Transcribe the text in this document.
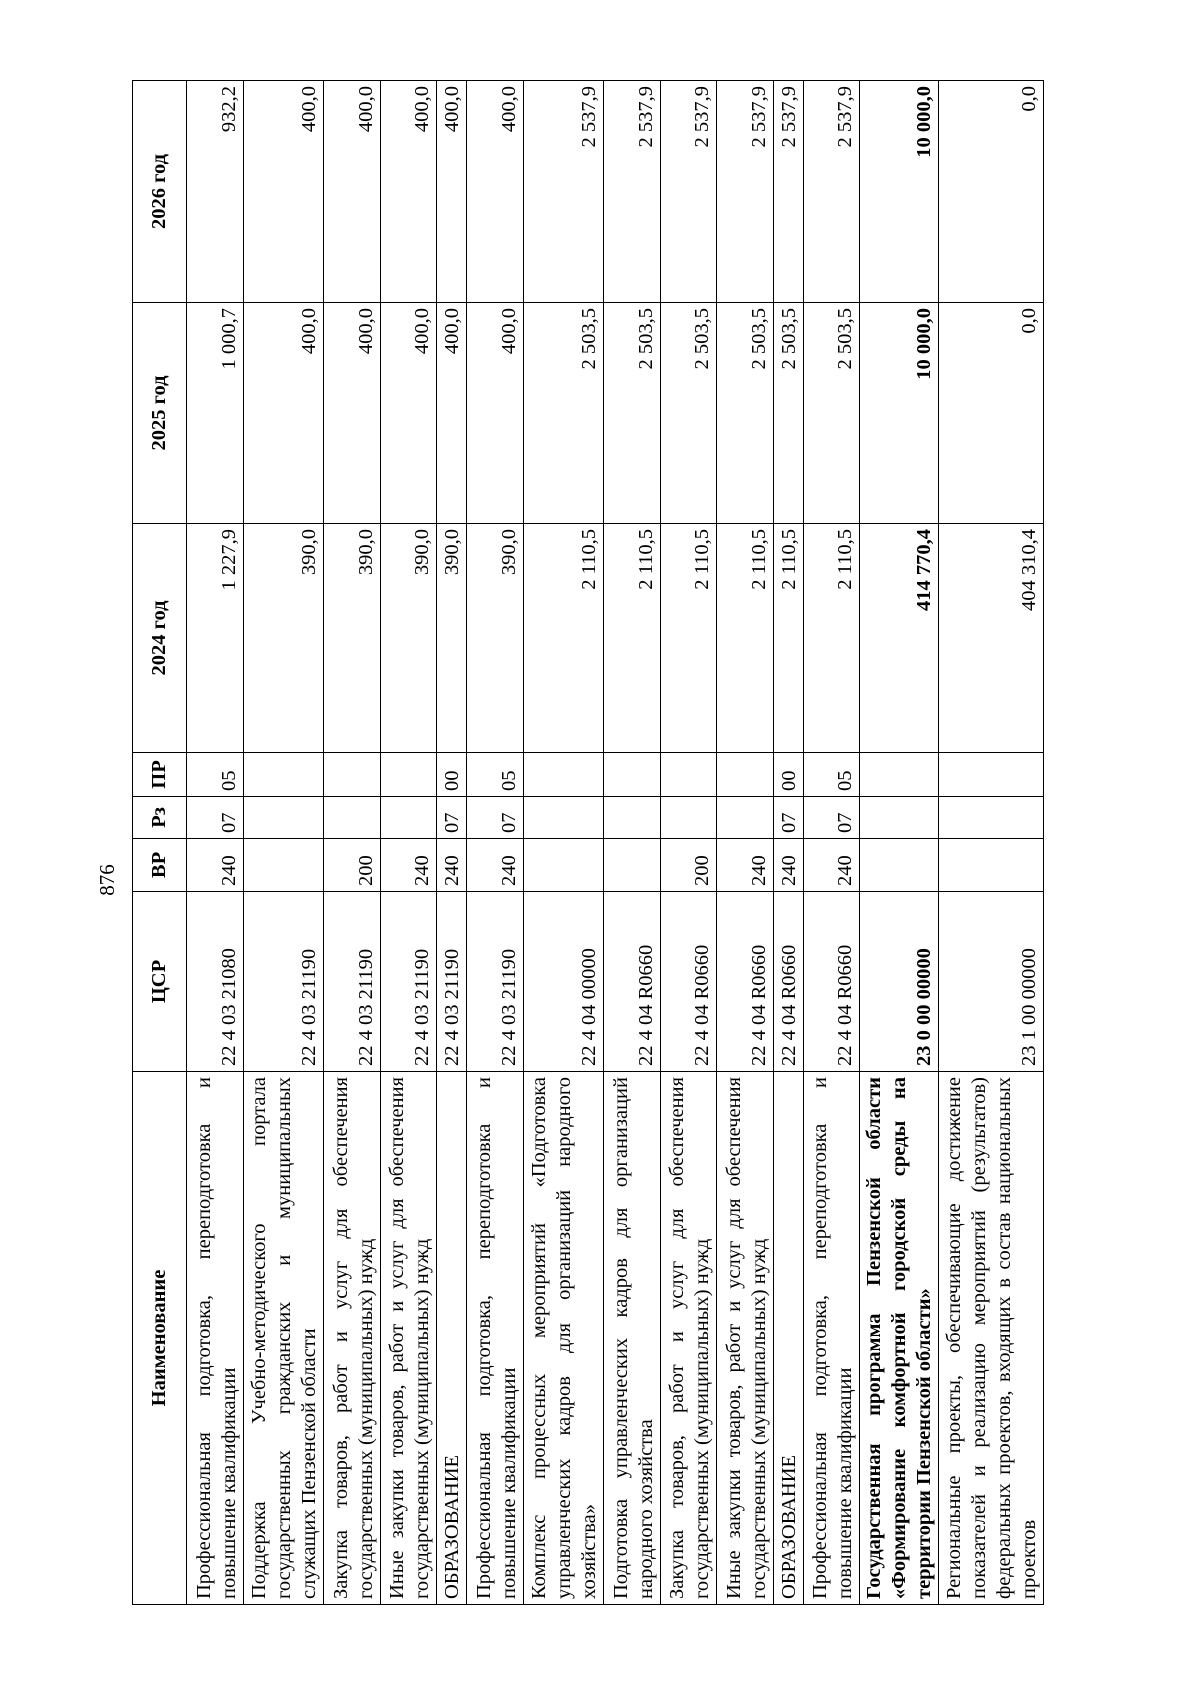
876
Наименование	ЦСР	ВР	Рз	ПР	2024 год	2025 год	2026 год
Профессиональная подготовка, переподготовка и повышение квалификации	22 4 03 21080	240	07	05	1 227,9	1 000,7	932,2
Поддержка Учебно-методического портала государственных гражданских и муниципальных служащих Пензенской области	22 4 03 21190				390,0	400,0	400,0
Закупка товаров, работ и услуг для обеспечения государственных (муниципальных) нужд	22 4 03 21190	200			390,0	400,0	400,0
Иные закупки товаров, работ и услуг для обеспечения государственных (муниципальных) нужд	22 4 03 21190	240			390,0	400,0	400,0
ОБРАЗОВАНИЕ	22 4 03 21190	240	07	00	390,0	400,0	400,0
Профессиональная подготовка, переподготовка и повышение квалификации	22 4 03 21190	240	07	05	390,0	400,0	400,0
Комплекс процессных мероприятий «Подготовка управленческих кадров для организаций народного хозяйства»	22 4 04 00000				2 110,5	2 503,5	2 537,9
Подготовка управленческих кадров для организаций народного хозяйства	22 4 04 R0660				2 110,5	2 503,5	2 537,9
Закупка товаров, работ и услуг для обеспечения государственных (муниципальных) нужд	22 4 04 R0660	200			2 110,5	2 503,5	2 537,9
Иные закупки товаров, работ и услуг для обеспечения государственных (муниципальных) нужд	22 4 04 R0660	240			2 110,5	2 503,5	2 537,9
ОБРАЗОВАНИЕ	22 4 04 R0660	240	07	00	2 110,5	2 503,5	2 537,9
Профессиональная подготовка, переподготовка и повышение квалификации	22 4 04 R0660	240	07	05	2 110,5	2 503,5	2 537,9
Государственная программа Пензенской области «Формирование комфортной городской среды на территории Пензенской области»	23 0 00 00000				414 770,4	10 000,0	10 000,0
Региональные проекты, обеспечивающие достижение показателей и реализацию мероприятий (результатов) федеральных проектов, входящих в состав национальных проектов	23 1 00 00000				404 310,4	0,0	0,0
